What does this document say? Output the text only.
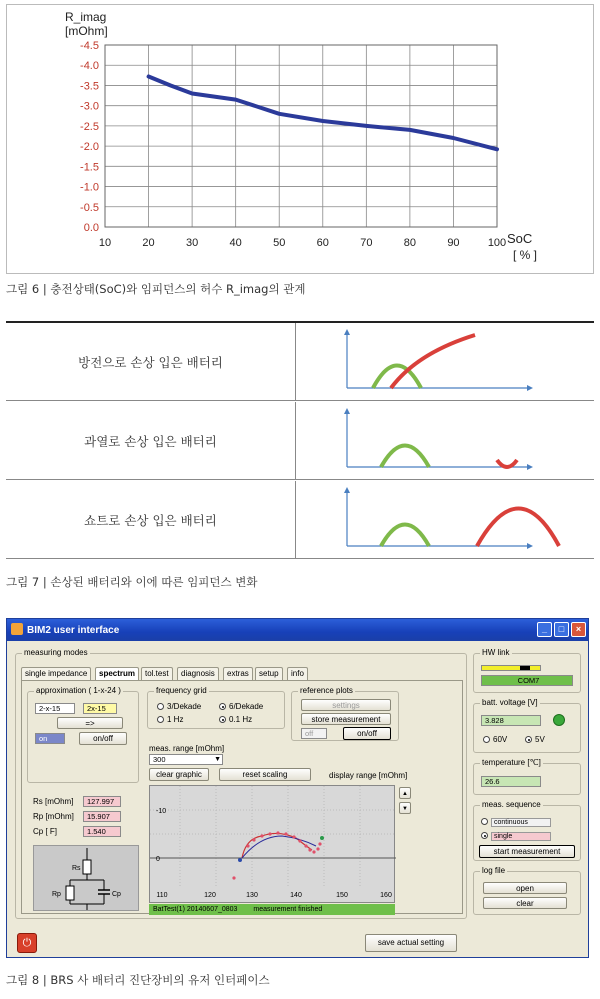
-4.5
-4.0
-3.5
-3.0
-2.5
-2.0
-1.5
-1.0
-0.5
0.0
10	20	30	40	50	60	70	80	90	100
R_imag
[mOhm]
SoC
[ % ]
그림 6 | 충전상태(SoC)와 임피던스의 허수 R_imag의 관계
방전으로 손상 입은 배터리
과열로 손상 입은 배터리
쇼트로 손상 입은 배터리
그림 7 | 손상된 배터리와 이에 따른 임피던스 변화
BIM2 user interface	_	□	×
measuring modes
single impedance	spectrum	tol.test	diagnosis	extras	setup	info
approximation ( 1-x-24 )
2-x-15	2x-15
=>
on	on/off
Rs [mOhm]	127.997
Rp [mOhm]	15.907
Cp [ F]	1.540
Rs
Rp	Cp
frequency grid
3/Dekade	6/Dekade
1 Hz	0.1 Hz
reference plots
settings
store measurement
off	on/off
meas. range [mOhm]
300	▼
clear graphic	reset scaling	display range [mOhm]
▲
▼
-10
0
110	120	130	140	150	160
BatTest(1) 20140607_0803 measurement finished
HW link
COM7
batt. voltage [V]
3.828
60V	5V
temperature [℃]
26.6
meas. sequence
continuous
single
start measurement
log file
open
clear
⏻	save actual setting
그림 8 | BRS 사 배터리 진단장비의 유저 인터페이스
